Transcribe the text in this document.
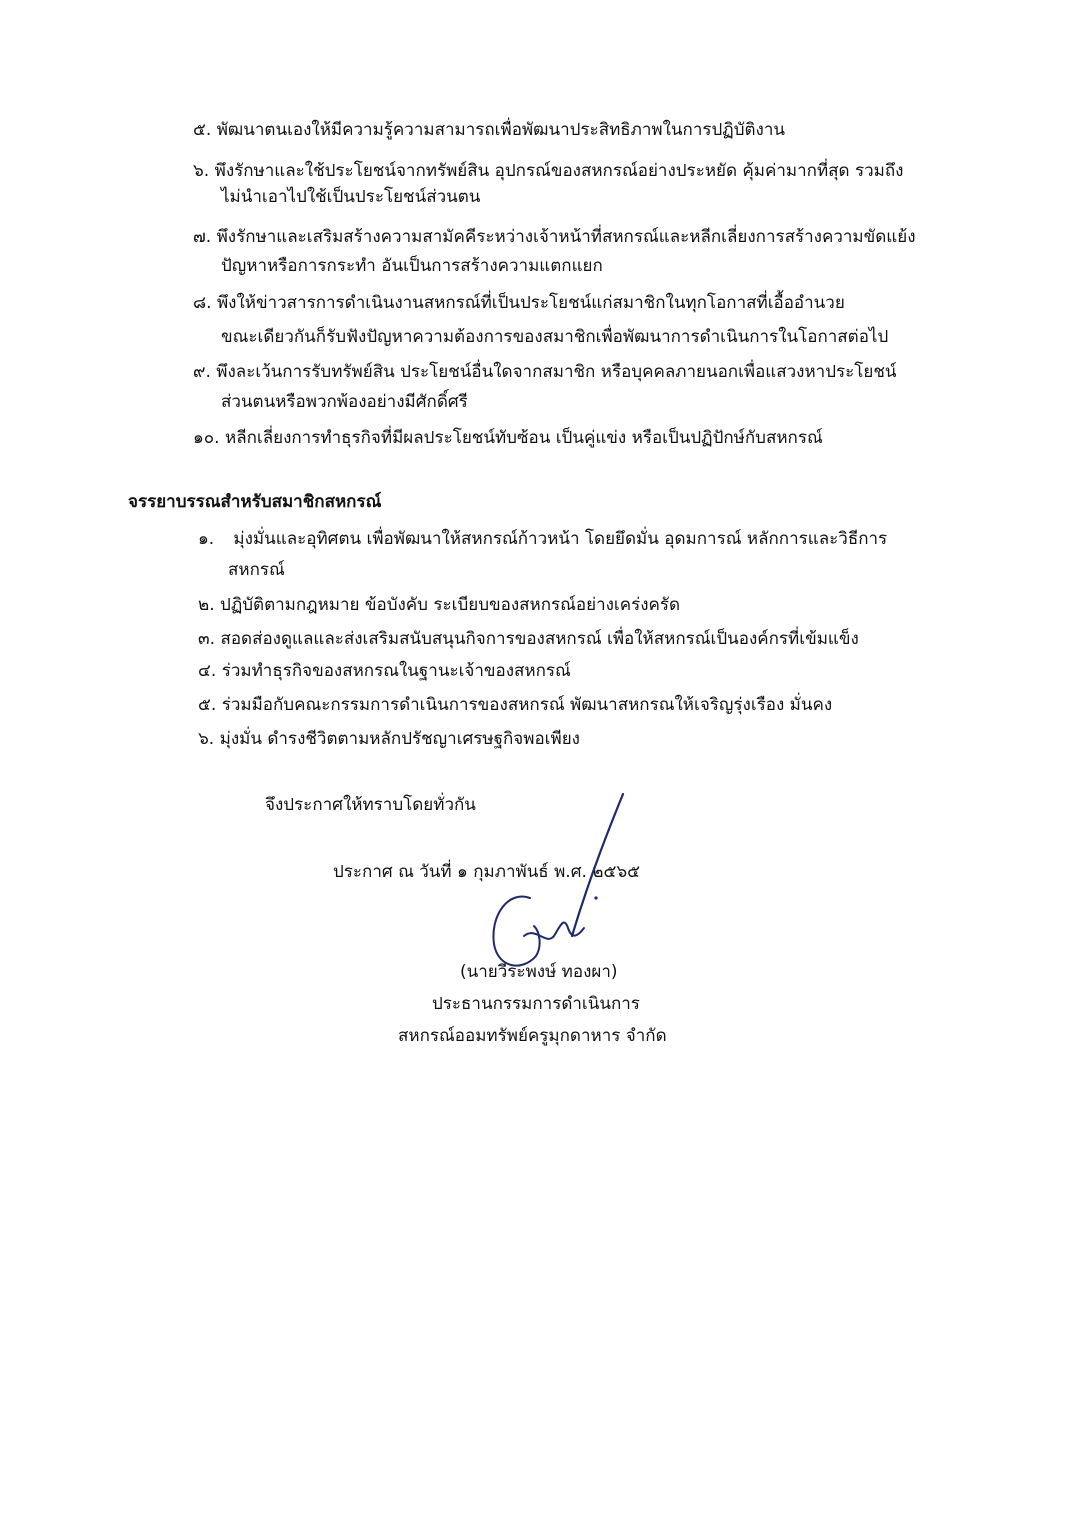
๕. พัฒนาตนเองให้มีความรู้ความสามารถเพื่อพัฒนาประสิทธิภาพในการปฏิบัติงาน
๖. พึงรักษาและใช้ประโยชน์จากทรัพย์สิน อุปกรณ์ของสหกรณ์อย่างประหยัด คุ้มค่ามากที่สุด รวมถึง
ไม่นำเอาไปใช้เป็นประโยชน์ส่วนตน
๗. พึงรักษาและเสริมสร้างความสามัคคีระหว่างเจ้าหน้าที่สหกรณ์และหลีกเลี่ยงการสร้างความขัดแย้ง
ปัญหาหรือการกระทำ อันเป็นการสร้างความแตกแยก
๘. พึงให้ข่าวสารการดำเนินงานสหกรณ์ที่เป็นประโยชน์แก่สมาชิกในทุกโอกาสที่เอื้ออำนวย
ขณะเดียวกันก็รับฟังปัญหาความต้องการของสมาชิกเพื่อพัฒนาการดำเนินการในโอกาสต่อไป
๙. พึงละเว้นการรับทรัพย์สิน ประโยชน์อื่นใดจากสมาชิก หรือบุคคลภายนอกเพื่อแสวงหาประโยชน์
ส่วนตนหรือพวกพ้องอย่างมีศักดิ์ศรี
๑๐. หลีกเลี่ยงการทำธุรกิจที่มีผลประโยชน์ทับซ้อน เป็นคู่แข่ง หรือเป็นปฏิปักษ์กับสหกรณ์
จรรยาบรรณสำหรับสมาชิกสหกรณ์
๑. มุ่งมั่นและอุทิศตน เพื่อพัฒนาให้สหกรณ์ก้าวหน้า โดยยึดมั่น อุดมการณ์ หลักการและวิธีการ
สหกรณ์
๒. ปฏิบัติตามกฎหมาย ข้อบังคับ ระเบียบของสหกรณ์อย่างเคร่งครัด
๓. สอดส่องดูแลและส่งเสริมสนับสนุนกิจการของสหกรณ์ เพื่อให้สหกรณ์เป็นองค์กรที่เข้มแข็ง
๔. ร่วมทำธุรกิจของสหกรณในฐานะเจ้าของสหกรณ์
๕. ร่วมมือกับคณะกรรมการดำเนินการของสหกรณ์ พัฒนาสหกรณให้เจริญรุ่งเรือง มั่นคง
๖. มุ่งมั่น ดำรงชีวิตตามหลักปรัชญาเศรษฐกิจพอเพียง
จึงประกาศให้ทราบโดยทั่วกัน
ประกาศ ณ วันที่ ๑ กุมภาพันธ์ พ.ศ. ๒๕๖๕
(นายวีระพงษ์ ทองผา)
ประธานกรรมการดำเนินการ
สหกรณ์ออมทรัพย์ครูมุกดาหาร จำกัด
